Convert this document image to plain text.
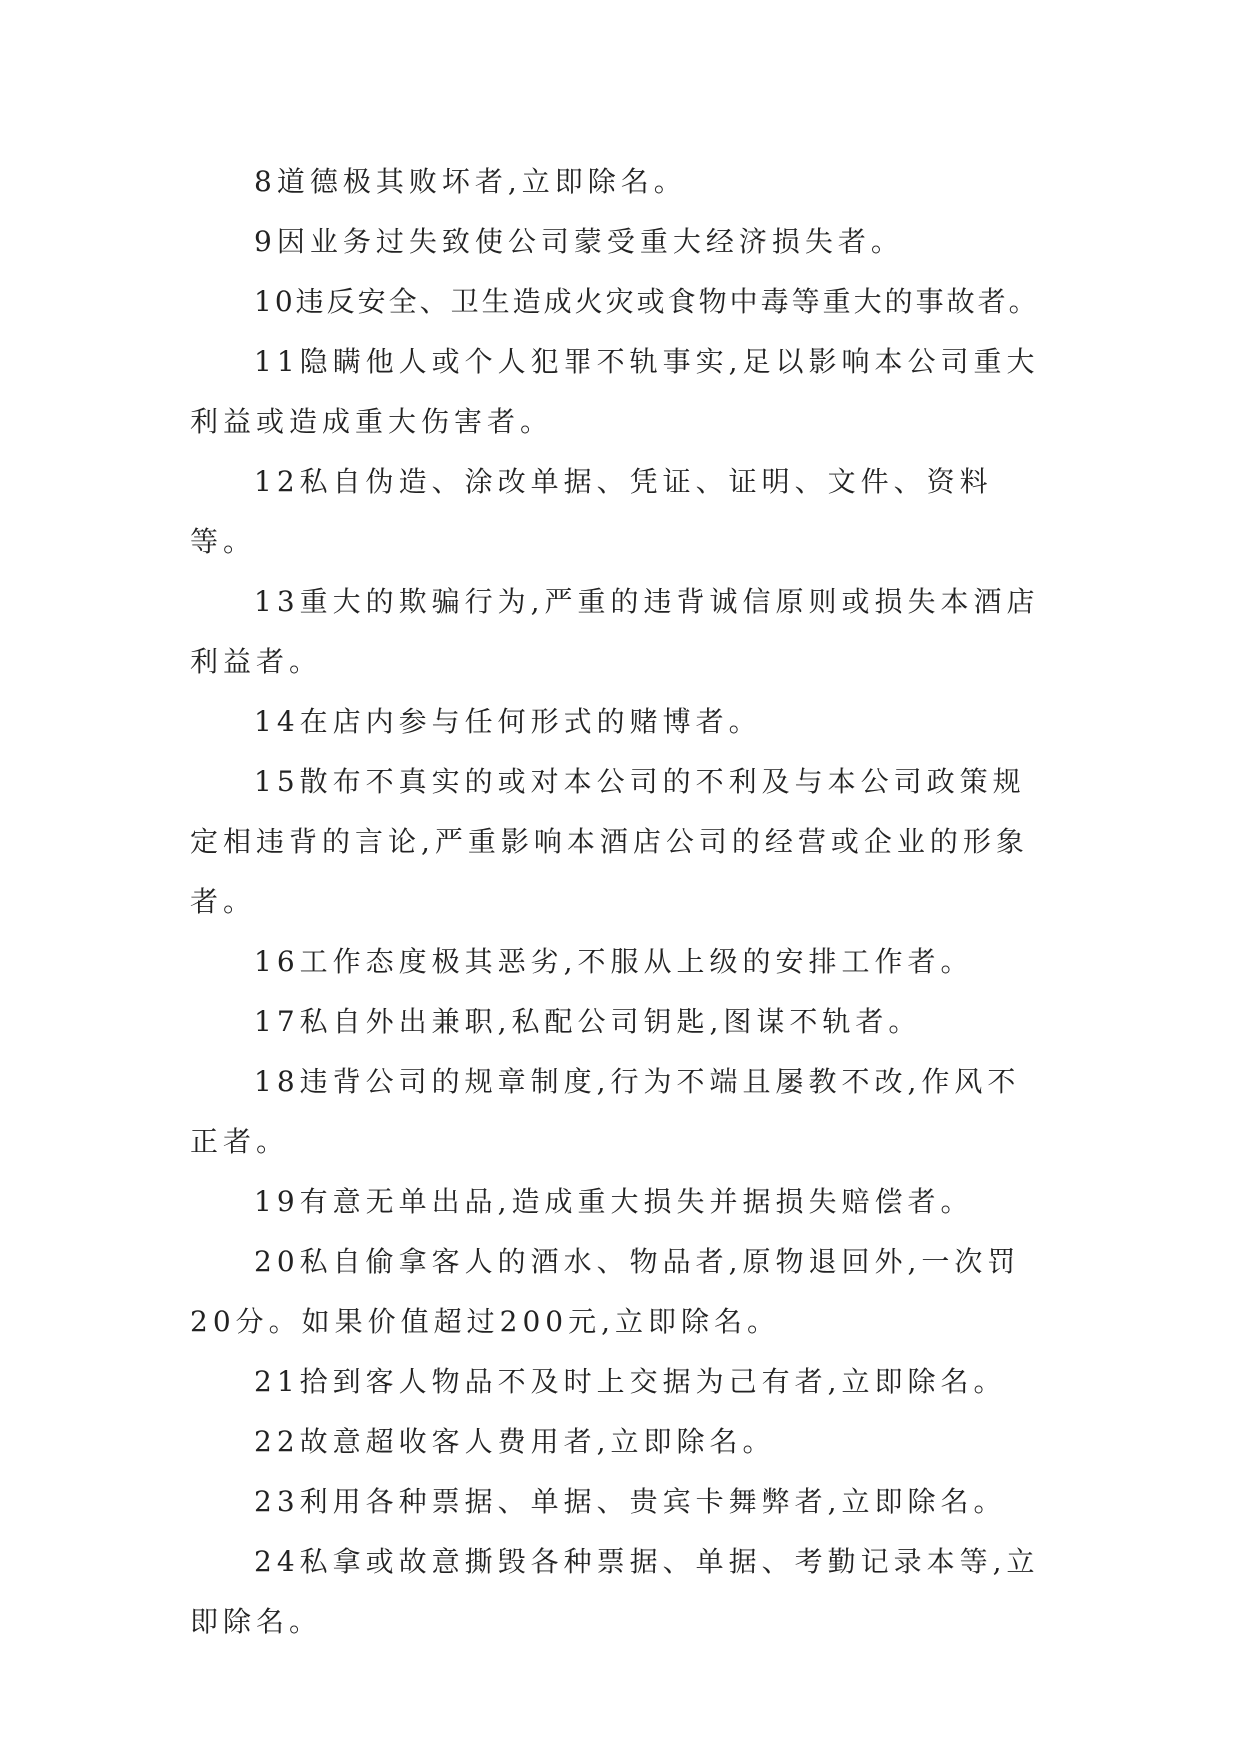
8道德极其败坏者,立即除名。

9因业务过失致使公司蒙受重大经济损失者。

10违反安全、卫生造成火灾或食物中毒等重大的事故者。

11隐瞒他人或个人犯罪不轨事实,足以影响本公司重大利益或造成重大伤害者。

12私自伪造、涂改单据、凭证、证明、文件、资料等。

13重大的欺骗行为,严重的违背诚信原则或损失本酒店利益者。

14在店内参与任何形式的赌博者。

15散布不真实的或对本公司的不利及与本公司政策规定相违背的言论,严重影响本酒店公司的经营或企业的形象者。

16工作态度极其恶劣,不服从上级的安排工作者。

17私自外出兼职,私配公司钥匙,图谋不轨者。

18违背公司的规章制度,行为不端且屡教不改,作风不正者。

19有意无单出品,造成重大损失并据损失赔偿者。

20私自偷拿客人的酒水、物品者,原物退回外,一次罚20分。如果价值超过200元,立即除名。

21拾到客人物品不及时上交据为己有者,立即除名。

22故意超收客人费用者,立即除名。

23利用各种票据、单据、贵宾卡舞弊者,立即除名。

24私拿或故意撕毁各种票据、单据、考勤记录本等,立即除名。
